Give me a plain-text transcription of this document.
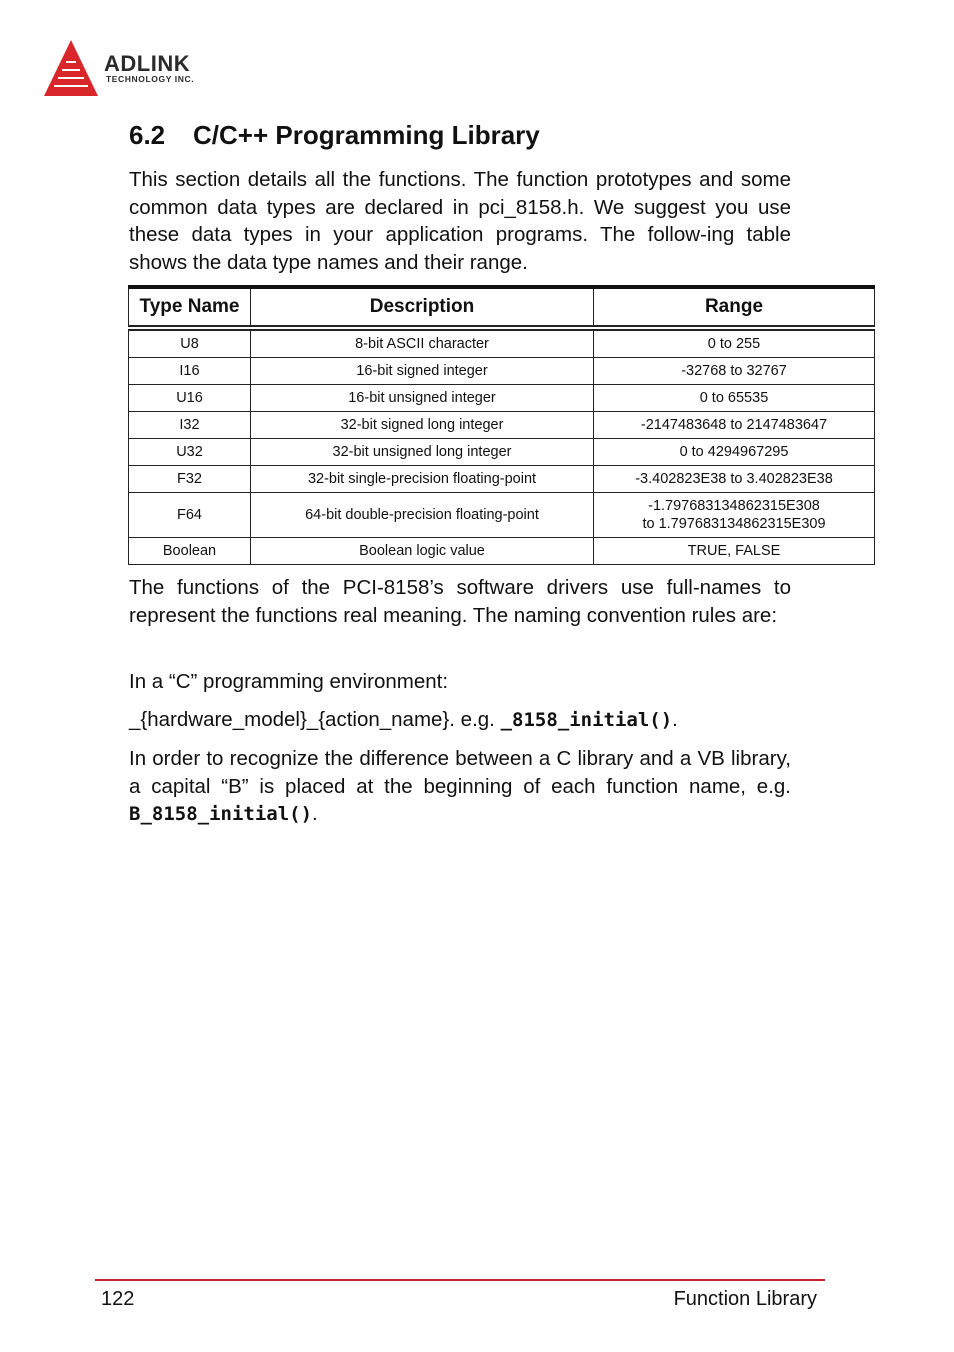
ADLINK
TECHNOLOGY INC.
6.2 C/C++ Programming Library

This section details all the functions. The function prototypes and some common data types are declared in pci_8158.h. We suggest you use these data types in your application programs. The follow-ing table shows the data type names and their range.

Type Name	Description	Range
U8	8-bit ASCII character	0 to 255
I16	16-bit signed integer	-32768 to 32767
U16	16-bit unsigned integer	0 to 65535
I32	32-bit signed long integer	-2147483648 to 2147483647
U32	32-bit unsigned long integer	0 to 4294967295
F32	32-bit single-precision floating-point	-3.402823E38 to 3.402823E38
F64	64-bit double-precision floating-point	-1.797683134862315E308
to 1.797683134862315E309
Boolean	Boolean logic value	TRUE, FALSE

The functions of the PCI-8158’s software drivers use full-names to represent the functions real meaning. The naming convention rules are:

In a “C” programming environment:

_{hardware_model}_{action_name}. e.g. _8158_initial().

In order to recognize the difference between a C library and a VB library, a capital “B” is placed at the beginning of each function name, e.g. B_8158_initial().

122	Function Library
